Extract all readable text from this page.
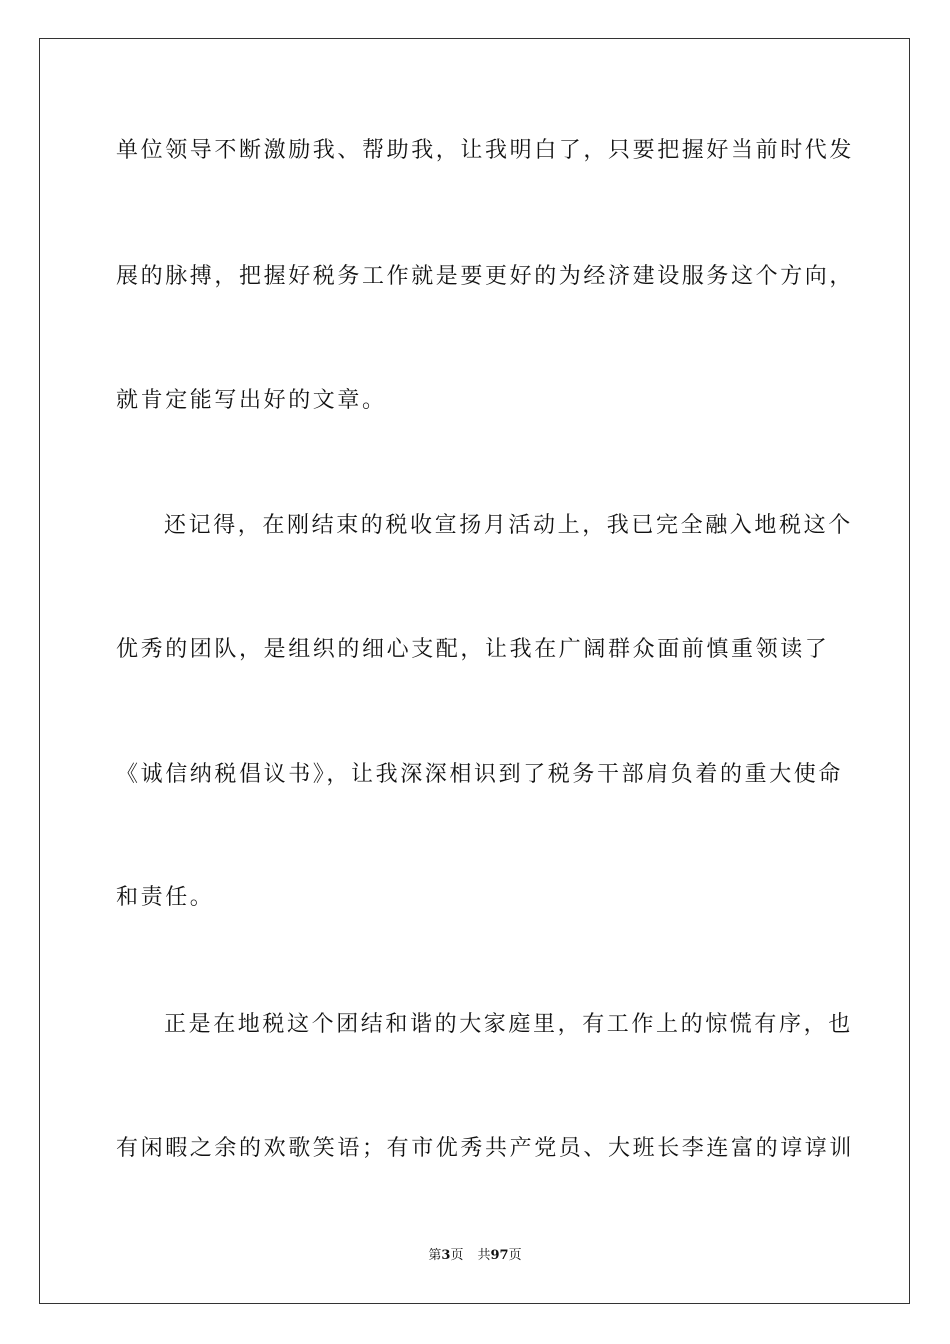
单位领导不断激励我、帮助我，让我明白了，只要把握好当前时代发
展的脉搏，把握好税务工作就是要更好的为经济建设服务这个方向，
就肯定能写出好的文章。
还记得，在刚结束的税收宣扬月活动上，我已完全融入地税这个
优秀的团队，是组织的细心支配，让我在广阔群众面前慎重领读了
《诚信纳税倡议书》，让我深深相识到了税务干部肩负着的重大使命
和责任。
正是在地税这个团结和谐的大家庭里，有工作上的惊慌有序，也
有闲暇之余的欢歌笑语；有市优秀共产党员、大班长李连富的谆谆训
第3页 共97页
